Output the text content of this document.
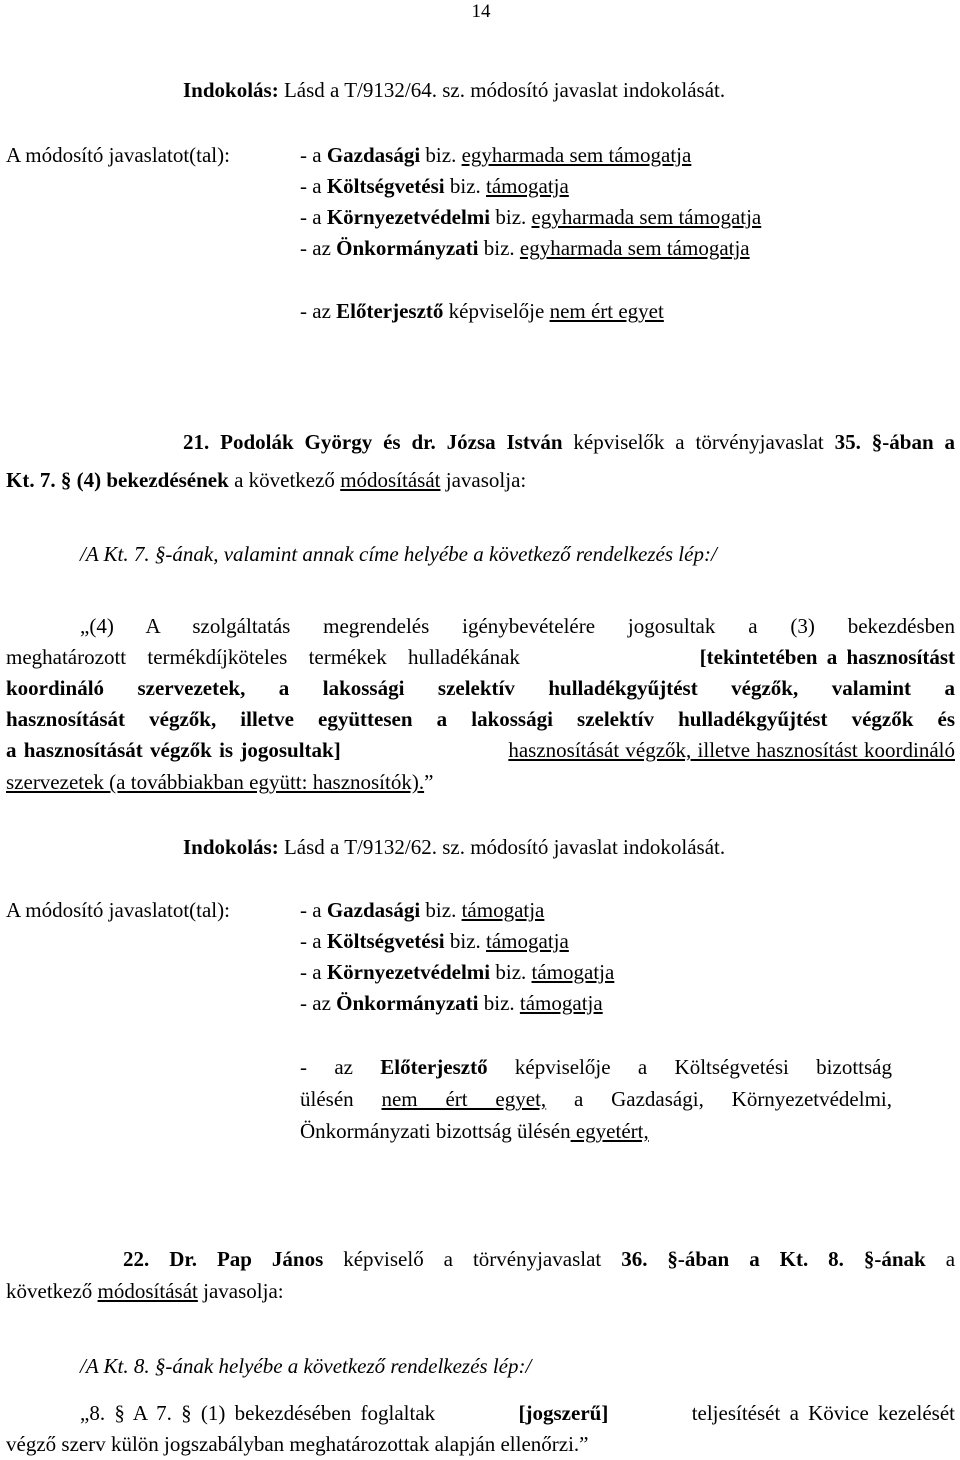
14
Indokolás: Lásd a T/9132/64. sz. módosító javaslat indokolását.
A módosító javaslatot(tal):	- a Gazdasági biz. egyharmada sem támogatja
- a Költségvetési biz. támogatja
- a Környezetvédelmi biz. egyharmada sem támogatja
- az Önkormányzati biz. egyharmada sem támogatja
- az Előterjesztő képviselője nem ért egyet
21. Podolák György és dr. Józsa István képviselők a törvényjavaslat 35. §-ában a
Kt. 7. § (4) bekezdésének a következő módosítását javasolja:
/A Kt. 7. §-ának, valamint annak címe helyébe a következő rendelkezés lép:/
„(4) A szolgáltatás megrendelés igénybevételére jogosultak a (3) bekezdésben
meghatározott termékdíjköteles termékek hulladékának	[tekintetében a hasznosítást
koordináló szervezetek, a lakossági szelektív hulladékgyűjtést végzők, valamint a
hasznosítását végzők, illetve együttesen a lakossági szelektív hulladékgyűjtést végzők és
a hasznosítását végzők is jogosultak]	hasznosítását végzők, illetve hasznosítást koordináló
szervezetek (a továbbiakban együtt: hasznosítók).”
Indokolás: Lásd a T/9132/62. sz. módosító javaslat indokolását.
A módosító javaslatot(tal):	- a Gazdasági biz. támogatja
- a Költségvetési biz. támogatja
- a Környezetvédelmi biz. támogatja
- az Önkormányzati biz. támogatja
- az Előterjesztő képviselője a Költségvetési bizottság
ülésén nem ért egyet, a Gazdasági, Környezetvédelmi,
Önkormányzati bizottság ülésén egyetért,
22. Dr. Pap János képviselő a törvényjavaslat 36. §-ában a Kt. 8. §-ának a
következő módosítását javasolja:
/A Kt. 8. §-ának helyébe a következő rendelkezés lép:/
„8. § A 7. § (1) bekezdésében foglaltak	[jogszerű]	teljesítését a Kövice kezelését
végző szerv külön jogszabályban meghatározottak alapján ellenőrzi.”
